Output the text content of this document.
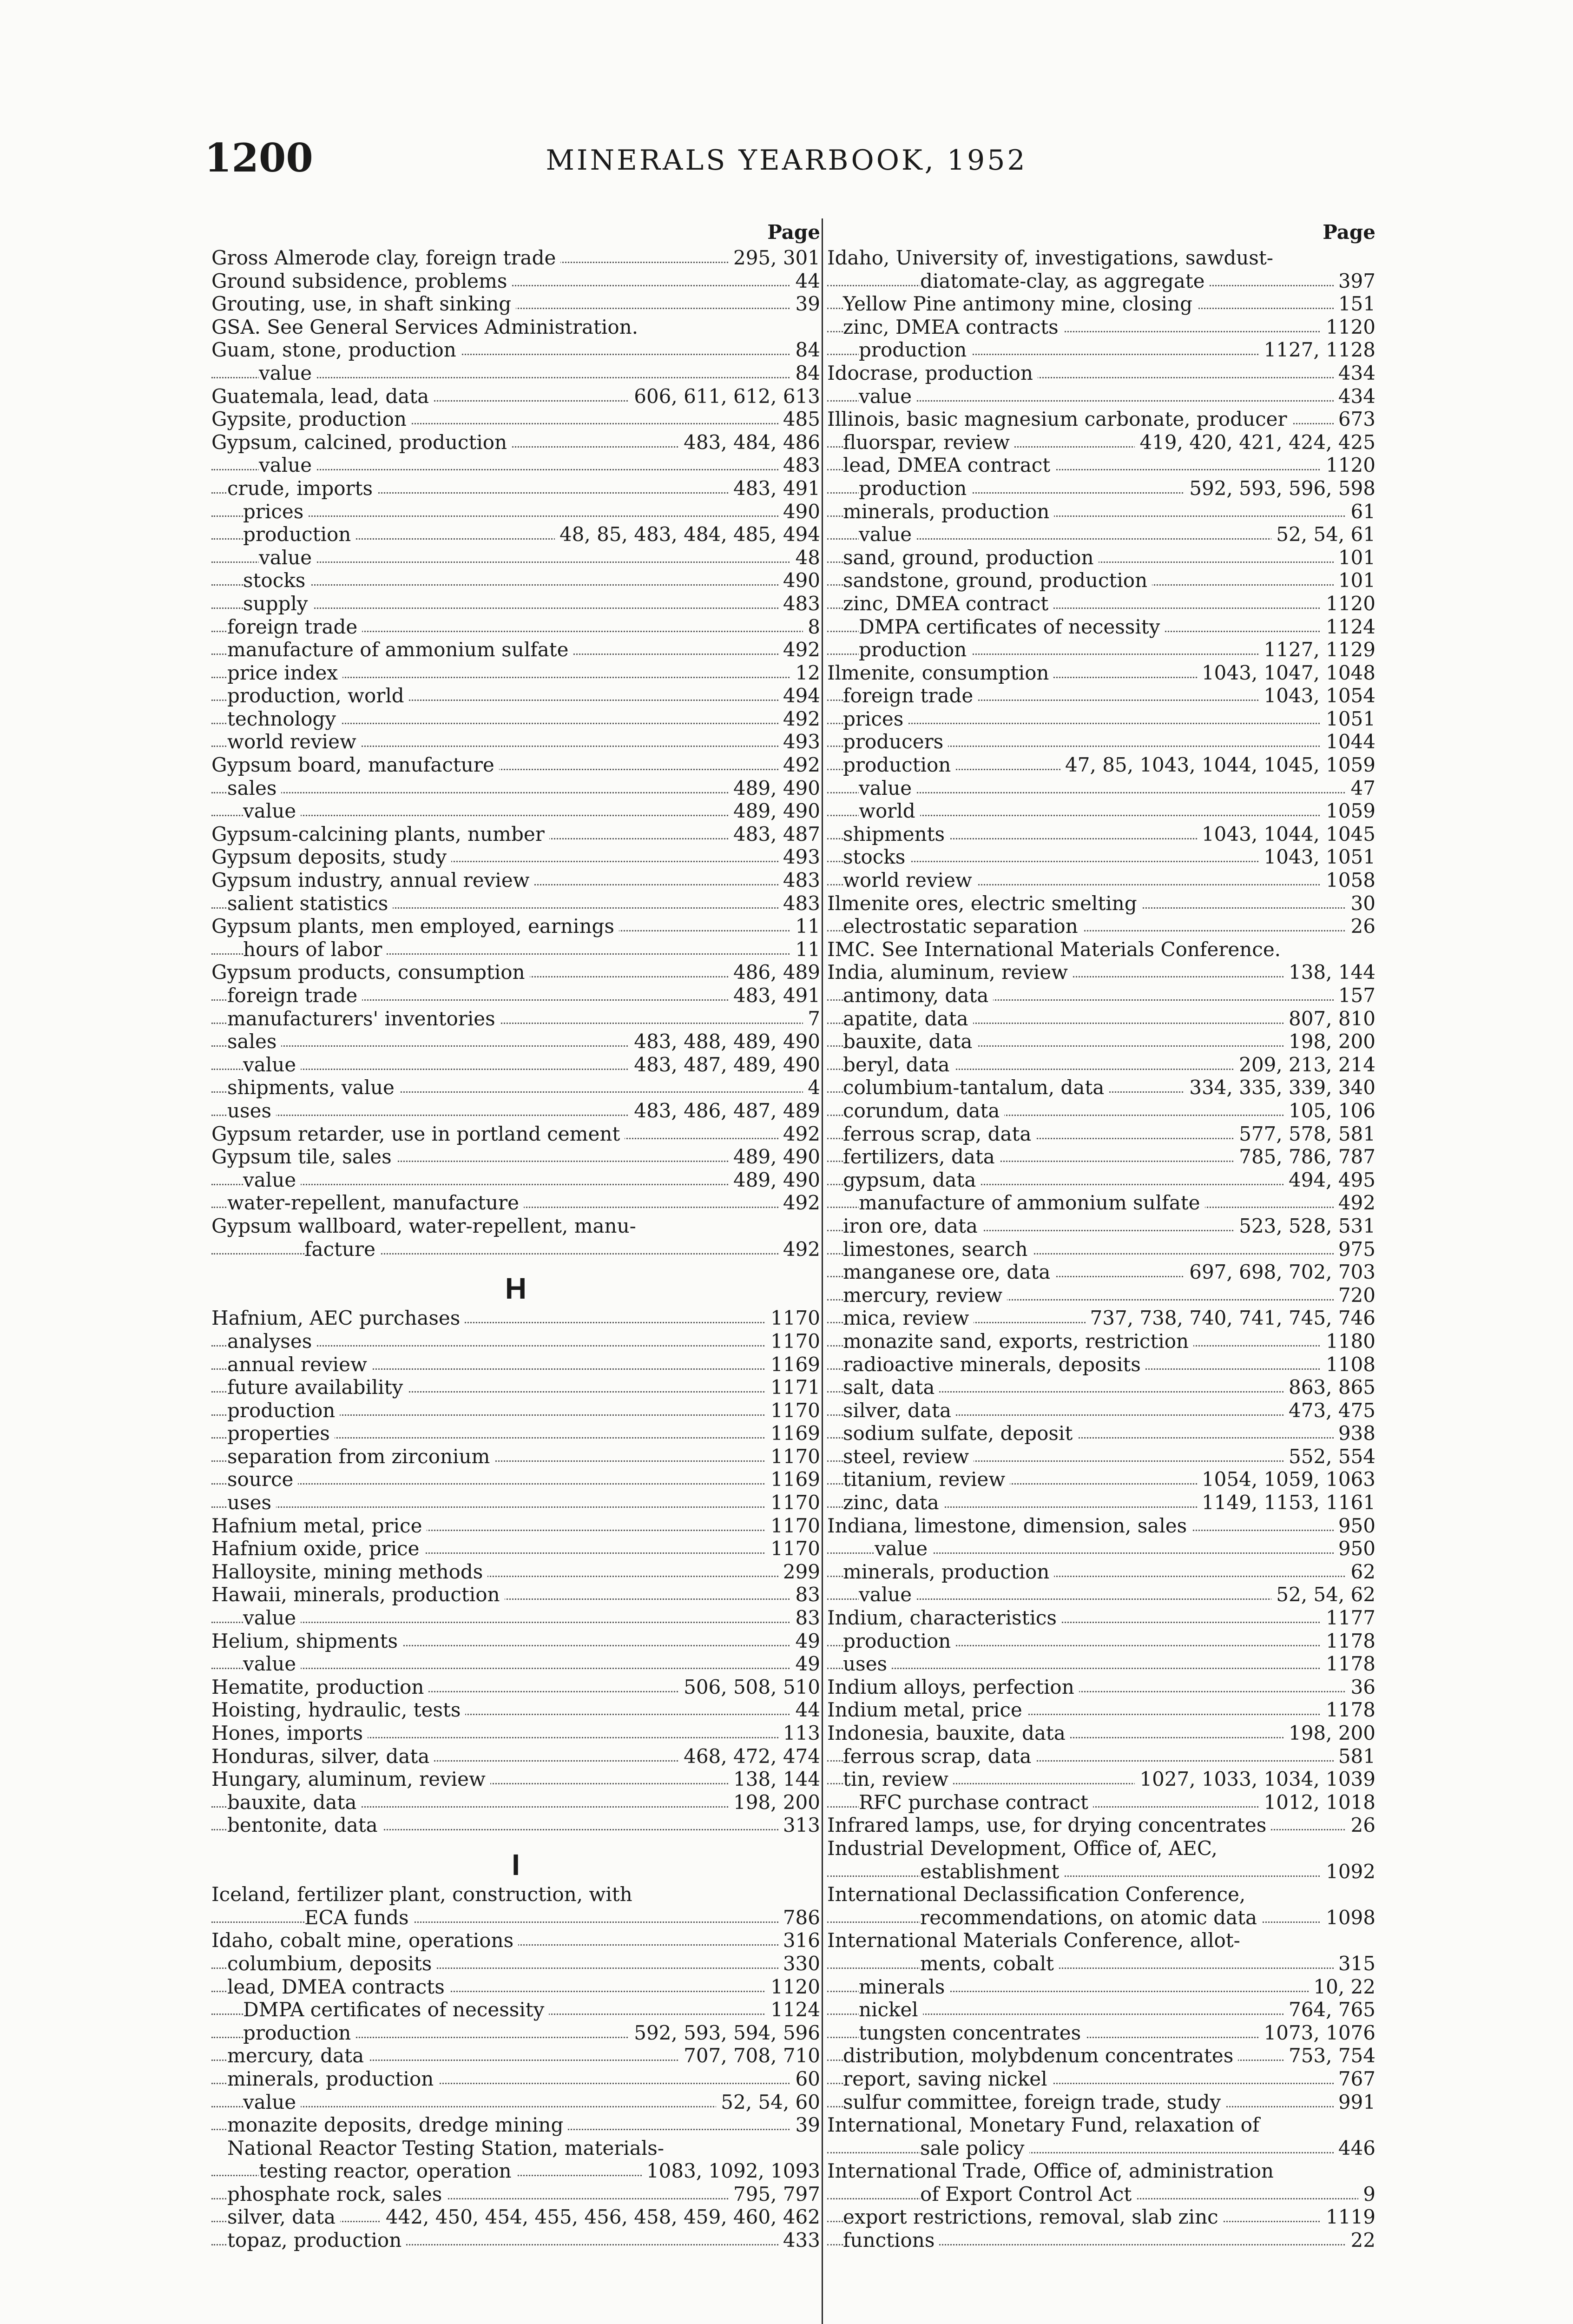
1200	MINERALS YEARBOOK, 1952
Page
Gross Almerode clay, foreign trade	295, 301
Ground subsidence, problems	44
Grouting, use, in shaft sinking	39
GSA. See General Services Administration.
Guam, stone, production	84
value	84
Guatemala, lead, data	606, 611, 612, 613
Gypsite, production	485
Gypsum, calcined, production	483, 484, 486
value	483
crude, imports	483, 491
prices	490
production	48, 85, 483, 484, 485, 494
value	48
stocks	490
supply	483
foreign trade	8
manufacture of ammonium sulfate	492
price index	12
production, world	494
technology	492
world review	493
Gypsum board, manufacture	492
sales	489, 490
value	489, 490
Gypsum-calcining plants, number	483, 487
Gypsum deposits, study	493
Gypsum industry, annual review	483
salient statistics	483
Gypsum plants, men employed, earnings	11
hours of labor	11
Gypsum products, consumption	486, 489
foreign trade	483, 491
manufacturers' inventories	7
sales	483, 488, 489, 490
value	483, 487, 489, 490
shipments, value	4
uses	483, 486, 487, 489
Gypsum retarder, use in portland cement	492
Gypsum tile, sales	489, 490
value	489, 490
water-repellent, manufacture	492
Gypsum wallboard, water-repellent, manu-
facture	492
H
Hafnium, AEC purchases	1170
analyses	1170
annual review	1169
future availability	1171
production	1170
properties	1169
separation from zirconium	1170
source	1169
uses	1170
Hafnium metal, price	1170
Hafnium oxide, price	1170
Halloysite, mining methods	299
Hawaii, minerals, production	83
value	83
Helium, shipments	49
value	49
Hematite, production	506, 508, 510
Hoisting, hydraulic, tests	44
Hones, imports	113
Honduras, silver, data	468, 472, 474
Hungary, aluminum, review	138, 144
bauxite, data	198, 200
bentonite, data	313
I
Iceland, fertilizer plant, construction, with
ECA funds	786
Idaho, cobalt mine, operations	316
columbium, deposits	330
lead, DMEA contracts	1120
DMPA certificates of necessity	1124
production	592, 593, 594, 596
mercury, data	707, 708, 710
minerals, production	60
value	52, 54, 60
monazite deposits, dredge mining	39
National Reactor Testing Station, materials-
testing reactor, operation	1083, 1092, 1093
phosphate rock, sales	795, 797
silver, data	442, 450, 454, 455, 456, 458, 459, 460, 462
topaz, production	433
Page
Idaho, University of, investigations, sawdust-
diatomate-clay, as aggregate	397
Yellow Pine antimony mine, closing	151
zinc, DMEA contracts	1120
production	1127, 1128
Idocrase, production	434
value	434
Illinois, basic magnesium carbonate, producer	673
fluorspar, review	419, 420, 421, 424, 425
lead, DMEA contract	1120
production	592, 593, 596, 598
minerals, production	61
value	52, 54, 61
sand, ground, production	101
sandstone, ground, production	101
zinc, DMEA contract	1120
DMPA certificates of necessity	1124
production	1127, 1129
Ilmenite, consumption	1043, 1047, 1048
foreign trade	1043, 1054
prices	1051
producers	1044
production	47, 85, 1043, 1044, 1045, 1059
value	47
world	1059
shipments	1043, 1044, 1045
stocks	1043, 1051
world review	1058
Ilmenite ores, electric smelting	30
electrostatic separation	26
IMC. See International Materials Conference.
India, aluminum, review	138, 144
antimony, data	157
apatite, data	807, 810
bauxite, data	198, 200
beryl, data	209, 213, 214
columbium-tantalum, data	334, 335, 339, 340
corundum, data	105, 106
ferrous scrap, data	577, 578, 581
fertilizers, data	785, 786, 787
gypsum, data	494, 495
manufacture of ammonium sulfate	492
iron ore, data	523, 528, 531
limestones, search	975
manganese ore, data	697, 698, 702, 703
mercury, review	720
mica, review	737, 738, 740, 741, 745, 746
monazite sand, exports, restriction	1180
radioactive minerals, deposits	1108
salt, data	863, 865
silver, data	473, 475
sodium sulfate, deposit	938
steel, review	552, 554
titanium, review	1054, 1059, 1063
zinc, data	1149, 1153, 1161
Indiana, limestone, dimension, sales	950
value	950
minerals, production	62
value	52, 54, 62
Indium, characteristics	1177
production	1178
uses	1178
Indium alloys, perfection	36
Indium metal, price	1178
Indonesia, bauxite, data	198, 200
ferrous scrap, data	581
tin, review	1027, 1033, 1034, 1039
RFC purchase contract	1012, 1018
Infrared lamps, use, for drying concentrates	26
Industrial Development, Office of, AEC,
establishment	1092
International Declassification Conference,
recommendations, on atomic data	1098
International Materials Conference, allot-
ments, cobalt	315
minerals	10, 22
nickel	764, 765
tungsten concentrates	1073, 1076
distribution, molybdenum concentrates	753, 754
report, saving nickel	767
sulfur committee, foreign trade, study	991
International, Monetary Fund, relaxation of
sale policy	446
International Trade, Office of, administration
of Export Control Act	9
export restrictions, removal, slab zinc	1119
functions	22
